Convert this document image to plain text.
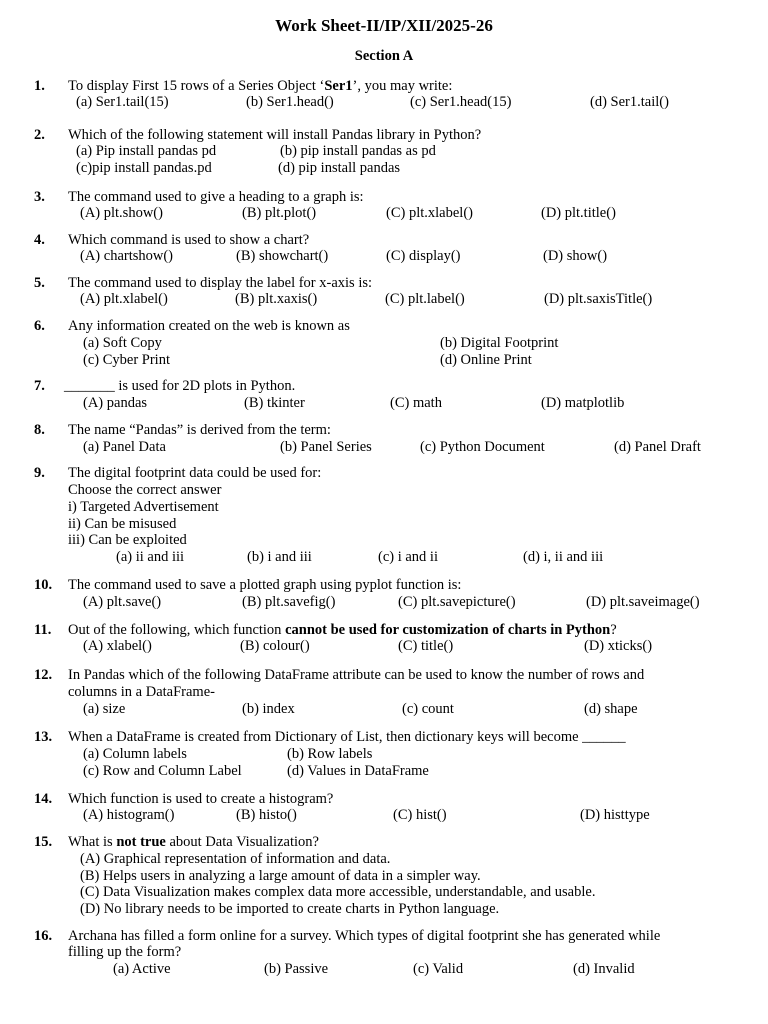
Work Sheet-II/IP/XII/2025-26
Section A
1. To display First 15 rows of a Series Object ‘Ser1’, you may write:
(a) Ser1.tail(15)	(b) Ser1.head()	(c) Ser1.head(15)	(d) Ser1.tail()
2. Which of the following statement will install Pandas library in Python?
(a) Pip install pandas pd	(b) pip install pandas as pd
(c)pip install pandas.pd	(d) pip install pandas
3. The command used to give a heading to a graph is:
(A) plt.show()	(B) plt.plot()	(C) plt.xlabel()	(D) plt.title()
4. Which command is used to show a chart?
(A) chartshow()	(B) showchart()	(C) display()	(D) show()
5. The command used to display the label for x-axis is:
(A) plt.xlabel()	(B) plt.xaxis()	(C) plt.label()	(D) plt.saxisTitle()
6. Any information created on the web is known as
(a) Soft Copy	(b) Digital Footprint
(c) Cyber Print	(d) Online Print
7. _______ is used for 2D plots in Python.
(A) pandas	(B) tkinter	(C) math	(D) matplotlib
8. The name “Pandas” is derived from the term:
(a) Panel Data	(b) Panel Series	(c) Python Document	(d) Panel Draft
9. The digital footprint data could be used for:
Choose the correct answer
i) Targeted Advertisement
ii) Can be misused
iii) Can be exploited
(a) ii and iii	(b) i and iii	(c) i and ii	(d) i, ii and iii
10. The command used to save a plotted graph using pyplot function is:
(A) plt.save()	(B) plt.savefig()	(C) plt.savepicture()	(D) plt.saveimage()
11. Out of the following, which function cannot be used for customization of charts in Python?
(A) xlabel()	(B) colour()	(C) title()	(D) xticks()
12. In Pandas which of the following DataFrame attribute can be used to know the number of rows and
columns in a DataFrame-
(a) size	(b) index	(c) count	(d) shape
13. When a DataFrame is created from Dictionary of List, then dictionary keys will become ______
(a) Column labels	(b) Row labels
(c) Row and Column Label	(d) Values in DataFrame
14. Which function is used to create a histogram?
(A) histogram()	(B) histo()	(C) hist()	(D) histtype
15. What is not true about Data Visualization?
(A) Graphical representation of information and data.
(B) Helps users in analyzing a large amount of data in a simpler way.
(C) Data Visualization makes complex data more accessible, understandable, and usable.
(D) No library needs to be imported to create charts in Python language.
16. Archana has filled a form online for a survey. Which types of digital footprint she has generated while
filling up the form?
(a) Active	(b) Passive	(c) Valid	(d) Invalid
